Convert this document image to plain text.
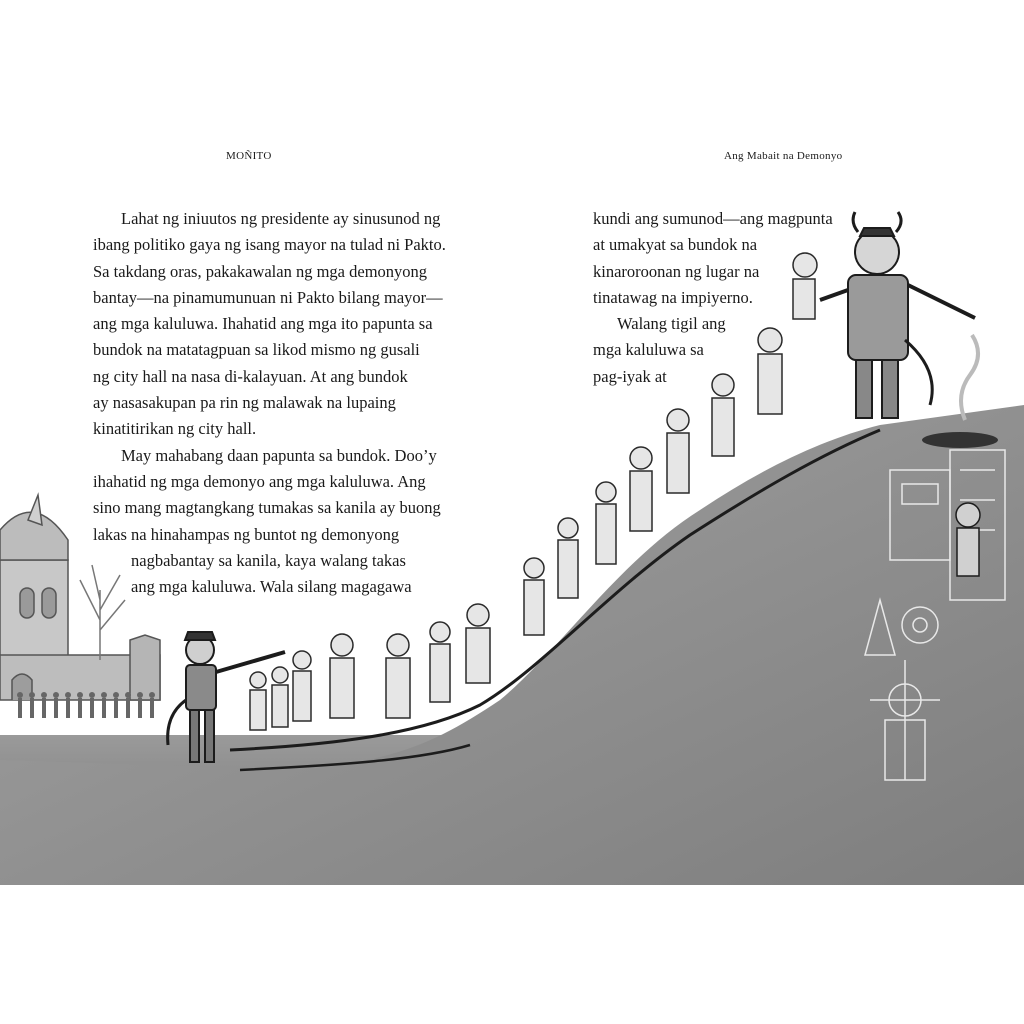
MOÑITO	Ang Mabait na Demonyo
Lahat ng iniuutos ng presidente ay sinusunod ng
ibang politiko gaya ng isang mayor na tulad ni Pakto.
Sa takdang oras, pakakawalan ng mga demonyong
bantay—na pinamumunuan ni Pakto bilang mayor—
ang mga kaluluwa. Ihahatid ang mga ito papunta sa
bundok na matatagpuan sa likod mismo ng gusali
ng city hall na nasa di-kalayuan. At ang bundok
ay nasasakupan pa rin ng malawak na lupaing
kinatitirikan ng city hall.
May mahabang daan papunta sa bundok. Doo’y
ihahatid ng mga demonyo ang mga kaluluwa. Ang
sino mang magtangkang tumakas sa kanila ay buong
lakas na hinahampas ng buntot ng demonyong
nagbabantay sa kanila, kaya walang takas
ang mga kaluluwa. Wala silang magagawa
kundi ang sumunod—ang magpunta
at umakyat sa bundok na
kinaroroonan ng lugar na
tinatawag na impiyerno.
Walang tigil ang
mga kaluluwa sa
pag-iyak at
